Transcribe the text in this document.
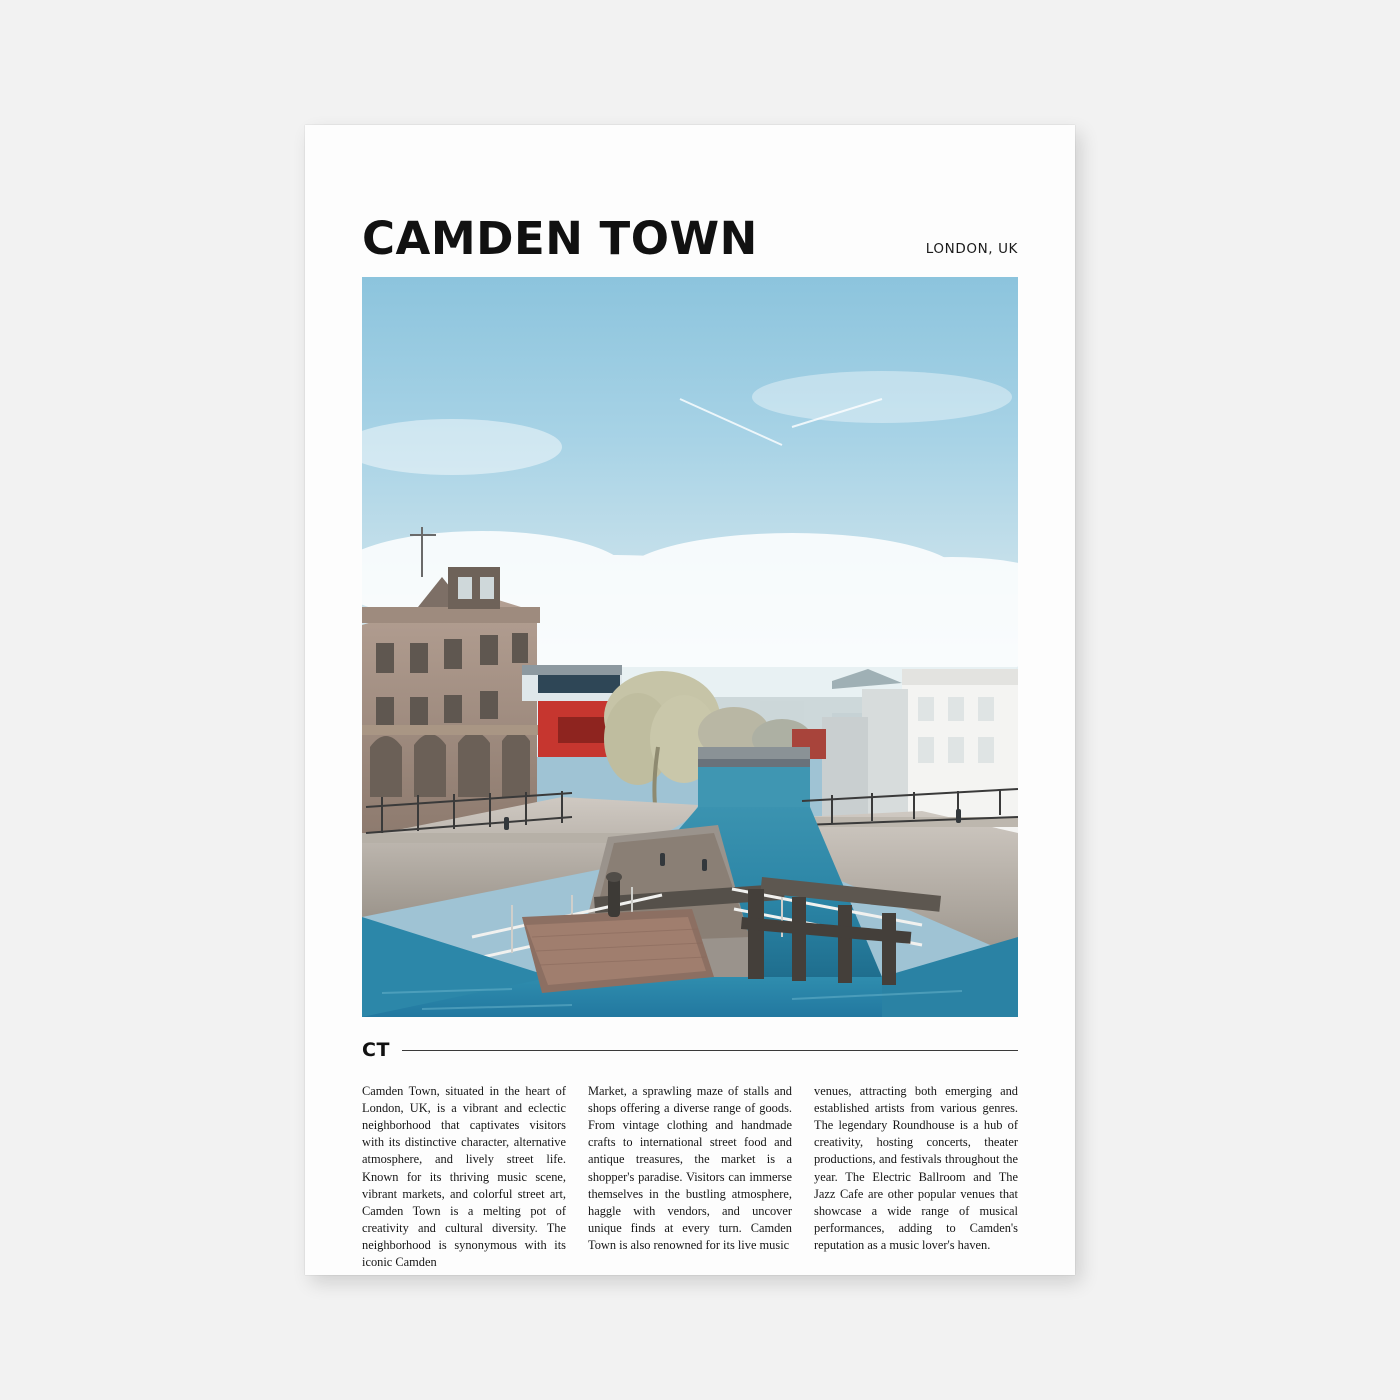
CAMDEN TOWN	LONDON, UK
CT
Camden Town, situated in the heart of London, UK, is a vibrant and eclectic neighborhood that captivates visitors with its distinctive character, alternative atmosphere, and lively street life. Known for its thriving music scene, vibrant markets, and colorful street art, Camden Town is a melting pot of creativity and cultural diversity. The neighborhood is synonymous with its iconic Camden
Market, a sprawling maze of stalls and shops offering a diverse range of goods. From vintage clothing and handmade crafts to international street food and antique treasures, the market is a shopper's paradise. Visitors can immerse themselves in the bustling atmosphere, haggle with vendors, and uncover unique finds at every turn. Camden Town is also renowned for its live music
venues, attracting both emerging and established artists from various genres. The legendary Roundhouse is a hub of creativity, hosting concerts, theater productions, and festivals throughout the year. The Electric Ballroom and The Jazz Cafe are other popular venues that showcase a wide range of musical performances, adding to Camden's reputation as a music lover's haven.
